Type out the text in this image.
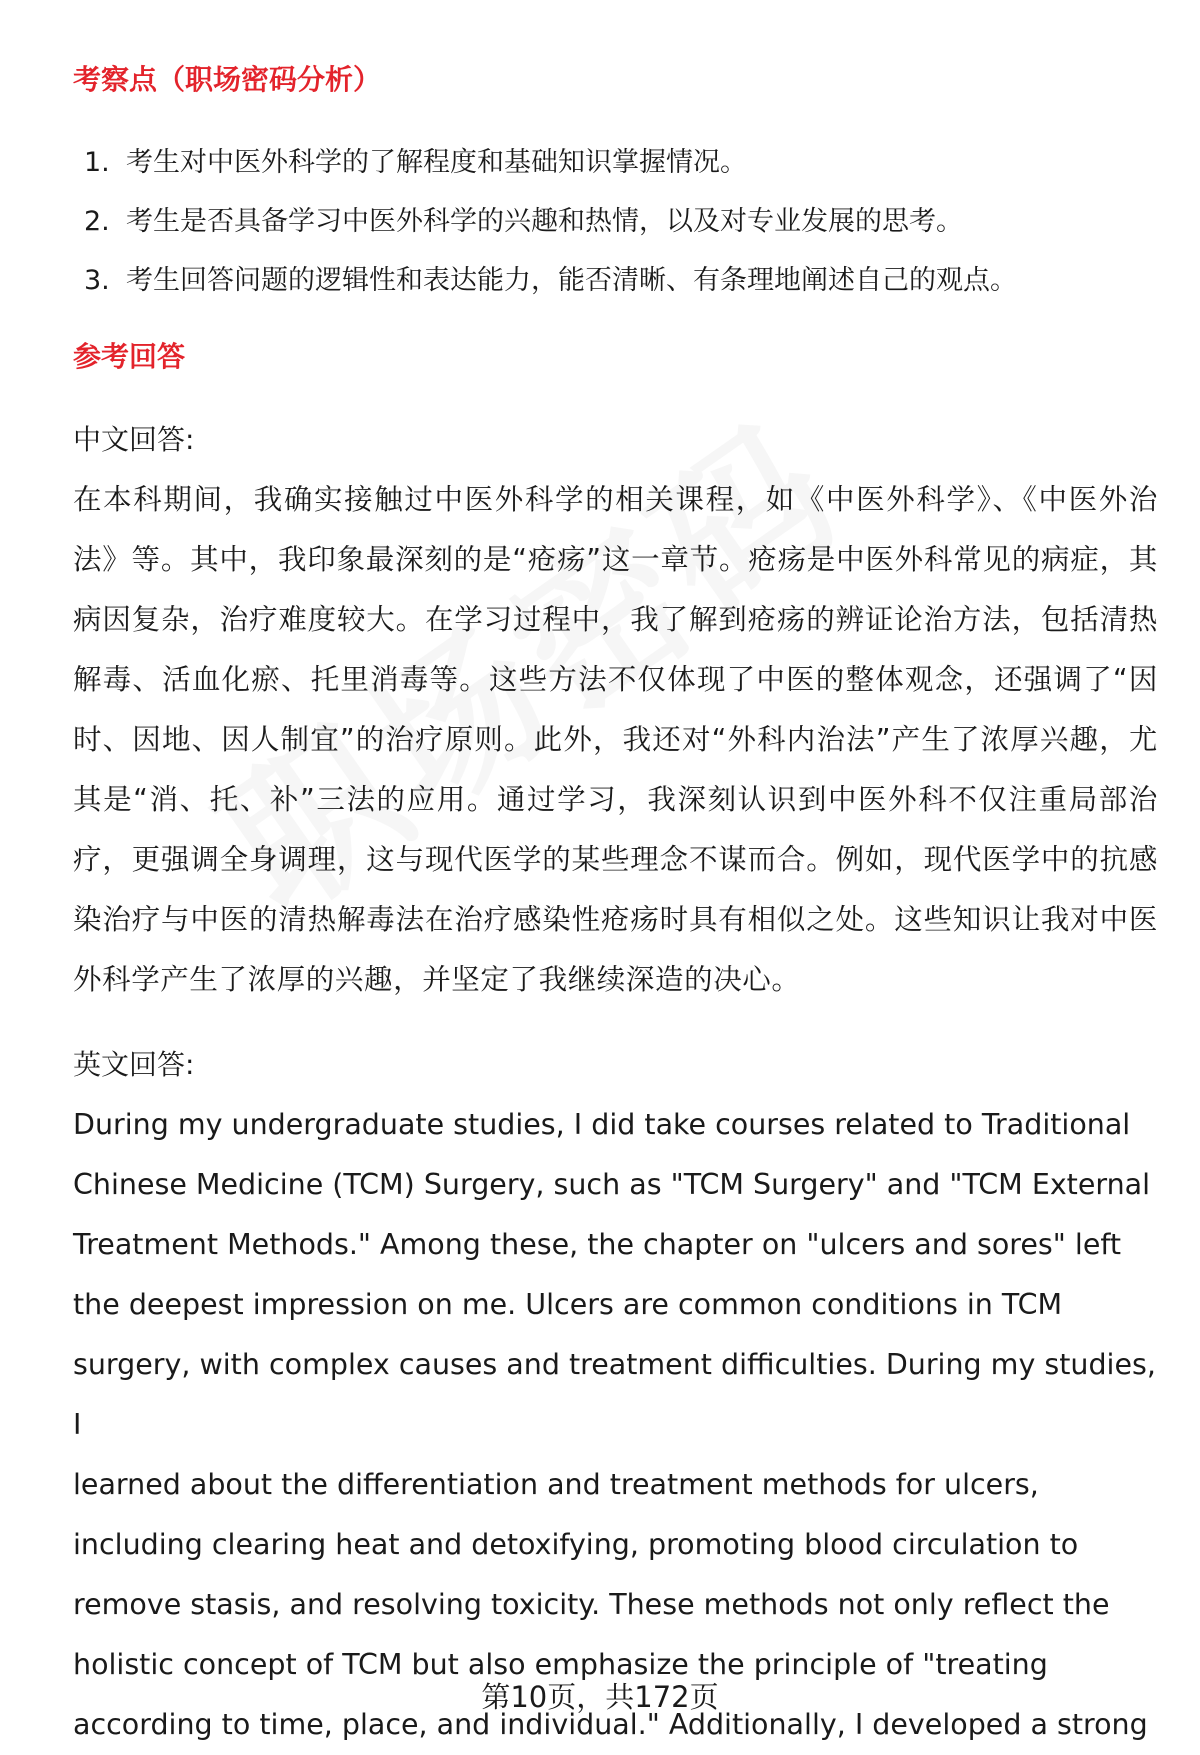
考察点（职场密码分析）
1. 考生对中医外科学的了解程度和基础知识掌握情况。
2. 考生是否具备学习中医外科学的兴趣和热情，以及对专业发展的思考。
3. 考生回答问题的逻辑性和表达能力，能否清晰、有条理地阐述自己的观点。
参考回答
中文回答:

在本科期间，我确实接触过中医外科学的相关课程，如《中医外科学》、《中医外治法》等。其中，我印象最深刻的是“疮疡”这一章节。疮疡是中医外科常见的病症，其病因复杂，治疗难度较大。在学习过程中，我了解到疮疡的辨证论治方法，包括清热解毒、活血化瘀、托里消毒等。这些方法不仅体现了中医的整体观念，还强调了“因时、因地、因人制宜”的治疗原则。此外，我还对“外科内治法”产生了浓厚兴趣，尤其是“消、托、补”三法的应用。通过学习，我深刻认识到中医外科不仅注重局部治疗，更强调全身调理，这与现代医学的某些理念不谋而合。例如，现代医学中的抗感染治疗与中医的清热解毒法在治疗感染性疮疡时具有相似之处。这些知识让我对中医外科学产生了浓厚的兴趣，并坚定了我继续深造的决心。

英文回答:
During my undergraduate studies, I did take courses related to Traditional
Chinese Medicine (TCM) Surgery, such as "TCM Surgery" and "TCM External
Treatment Methods." Among these, the chapter on "ulcers and sores" left
the deepest impression on me. Ulcers are common conditions in TCM
surgery, with complex causes and treatment difficulties. During my studies, I
learned about the differentiation and treatment methods for ulcers,
including clearing heat and detoxifying, promoting blood circulation to
remove stasis, and resolving toxicity. These methods not only reflect the
holistic concept of TCM but also emphasize the principle of "treating
according to time, place, and individual." Additionally, I developed a strong
第10页，共172页
